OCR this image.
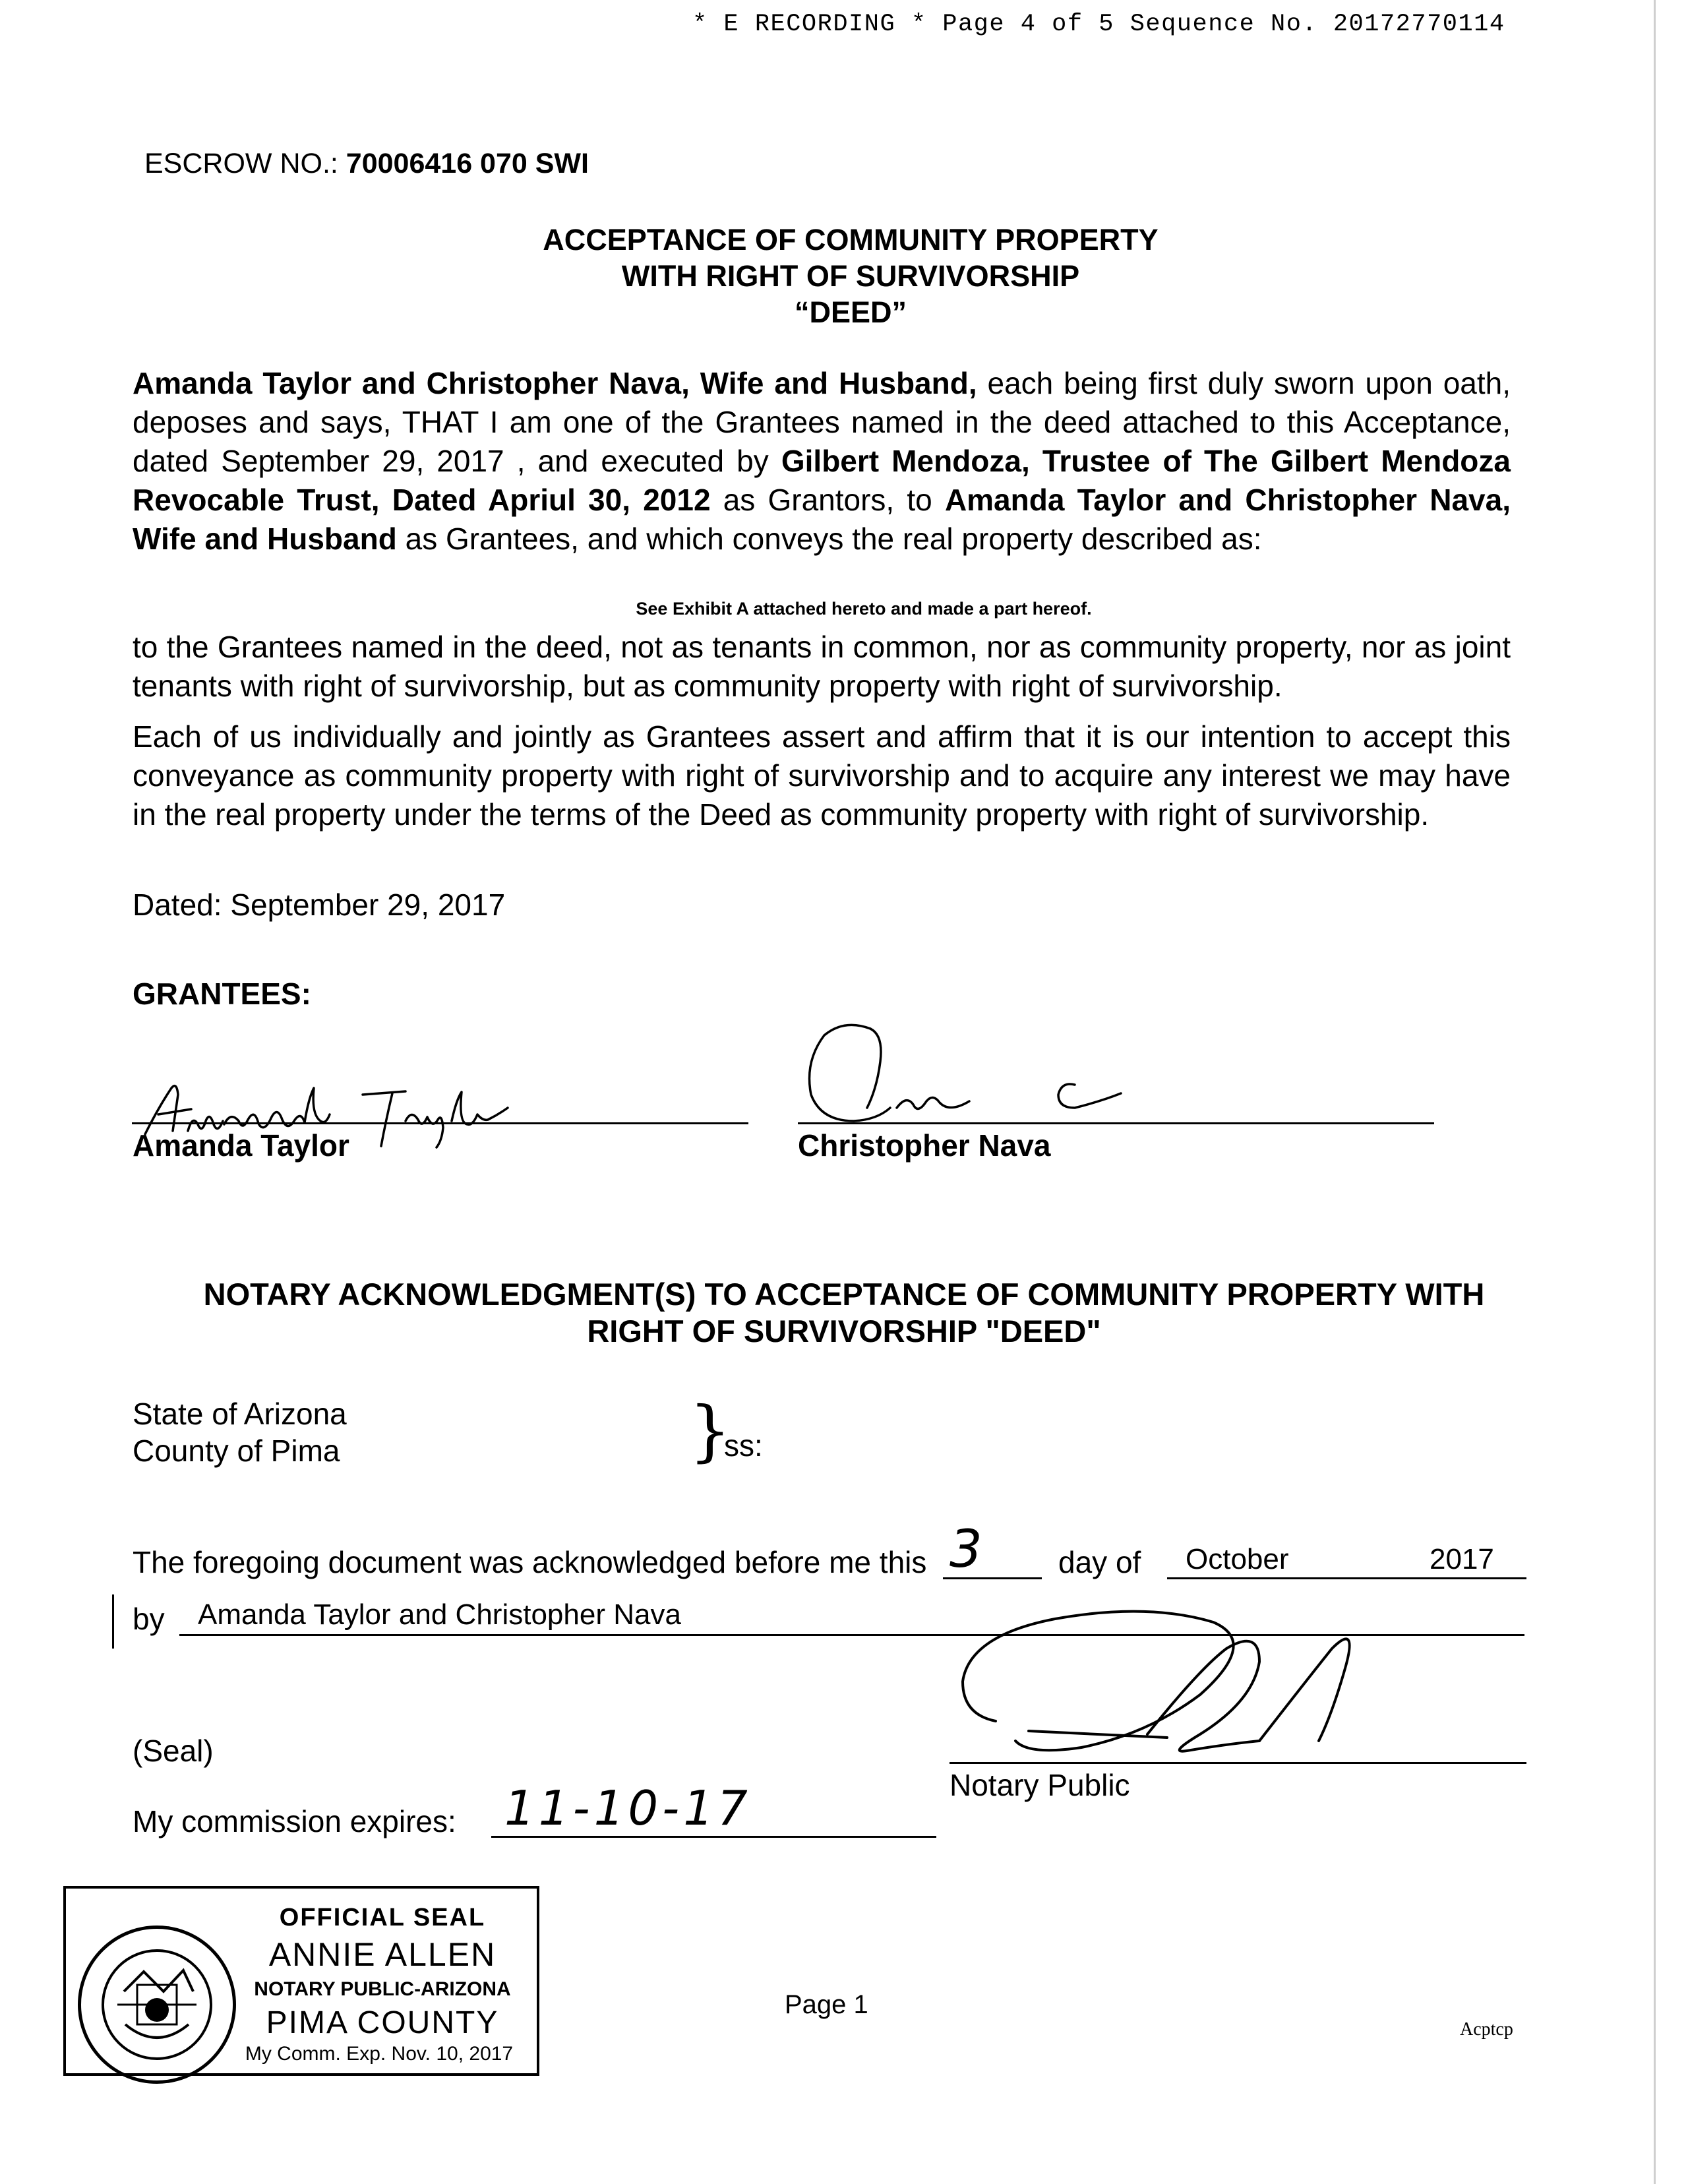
* E RECORDING * Page 4 of 5 Sequence No. 20172770114
ESCROW NO.: 70006416 070 SWI
ACCEPTANCE OF COMMUNITY PROPERTY
WITH RIGHT OF SURVIVORSHIP
“DEED”
Amanda Taylor and Christopher Nava, Wife and Husband, each being first duly sworn upon oath, deposes and says, THAT I am one of the Grantees named in the deed attached to this Acceptance, dated September 29, 2017 , and executed by Gilbert Mendoza, Trustee of The Gilbert Mendoza Revocable Trust, Dated Apriul 30, 2012 as Grantors, to Amanda Taylor and Christopher Nava, Wife and Husband as Grantees, and which conveys the real property described as:
See Exhibit A attached hereto and made a part hereof.
to the Grantees named in the deed, not as tenants in common, nor as community property, nor as joint tenants with right of survivorship, but as community property with right of survivorship.
Each of us individually and jointly as Grantees assert and affirm that it is our intention to accept this conveyance as community property with right of survivorship and to acquire any interest we may have in the real property under the terms of the Deed as community property with right of survivorship.
Dated: September 29, 2017
GRANTEES:
Amanda Taylor	Christopher Nava
NOTARY ACKNOWLEDGMENT(S) TO ACCEPTANCE OF COMMUNITY PROPERTY WITH
RIGHT OF SURVIVORSHIP "DEED"
State of Arizona
County of Pima	}
ss:
The foregoing document was acknowledged before me this 3	day of October	2017
by Amanda Taylor and Christopher Nava
(Seal)
Notary Public
My commission expires: 11-10-17
OFFICIAL SEAL
ANNIE ALLEN
NOTARY PUBLIC-ARIZONA
PIMA COUNTY
My Comm. Exp. Nov. 10, 2017
Page 1
Acptcp
